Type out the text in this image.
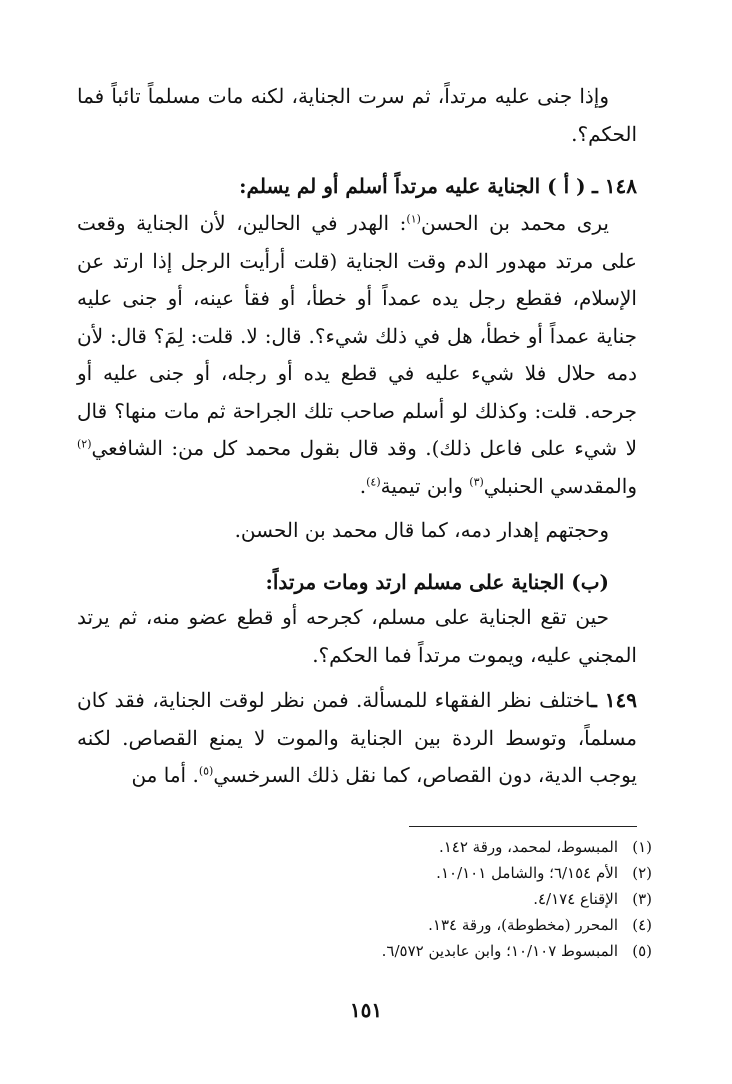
وإذا جنى عليه مرتداً، ثم سرت الجناية، لكنه مات مسلماً تائباً فما الحكم؟.

١٤٨ ـ ( أ ) الجناية عليه مرتداً أسلم أو لم يسلم:

يرى محمد بن الحسن$^{(١)}$: الهدر في الحالين، لأن الجناية وقعت على مرتد مهدور الدم وقت الجناية (قلت أرأيت الرجل إذا ارتد عن الإسلام، فقطع رجل يده عمداً أو خطأ، أو فقأ عينه، أو جنى عليه جناية عمداً أو خطأ، هل في ذلك شيء؟. قال: لا. قلت: لِمَ؟ قال: لأن دمه حلال فلا شيء عليه في قطع يده أو رجله، أو جنى عليه أو جرحه. قلت: وكذلك لو أسلم صاحب تلك الجراحة ثم مات منها؟ قال لا شيء على فاعل ذلك). وقد قال بقول محمد كل من: الشافعي$^{(٢)}$ والمقدسي الحنبلي$^{(٣)}$ وابن تيمية$^{(٤)}$.

وحجتهم إهدار دمه، كما قال محمد بن الحسن.

(ب) الجناية على مسلم ارتد ومات مرتداً:

حين تقع الجناية على مسلم، كجرحه أو قطع عضو منه، ثم يرتد المجني عليه، ويموت مرتداً فما الحكم؟.

١٤٩ ـاختلف نظر الفقهاء للمسألة. فمن نظر لوقت الجناية، فقد كان مسلماً، وتوسط الردة بين الجناية والموت لا يمنع القصاص. لكنه يوجب الدية، دون القصاص، كما نقل ذلك السرخسي$^{(٥)}$. أما من

(١)المبسوط، لمحمد، ورقة ١٤٢.
(٢)الأم ٦/١٥٤؛ والشامل ١٠/١٠١.
(٣)الإقناع ٤/١٧٤.
(٤)المحرر (مخطوطة)، ورقة ١٣٤.
(٥)المبسوط ١٠/١٠٧؛ وابن عابدين ٦/٥٧٢.
١٥١
